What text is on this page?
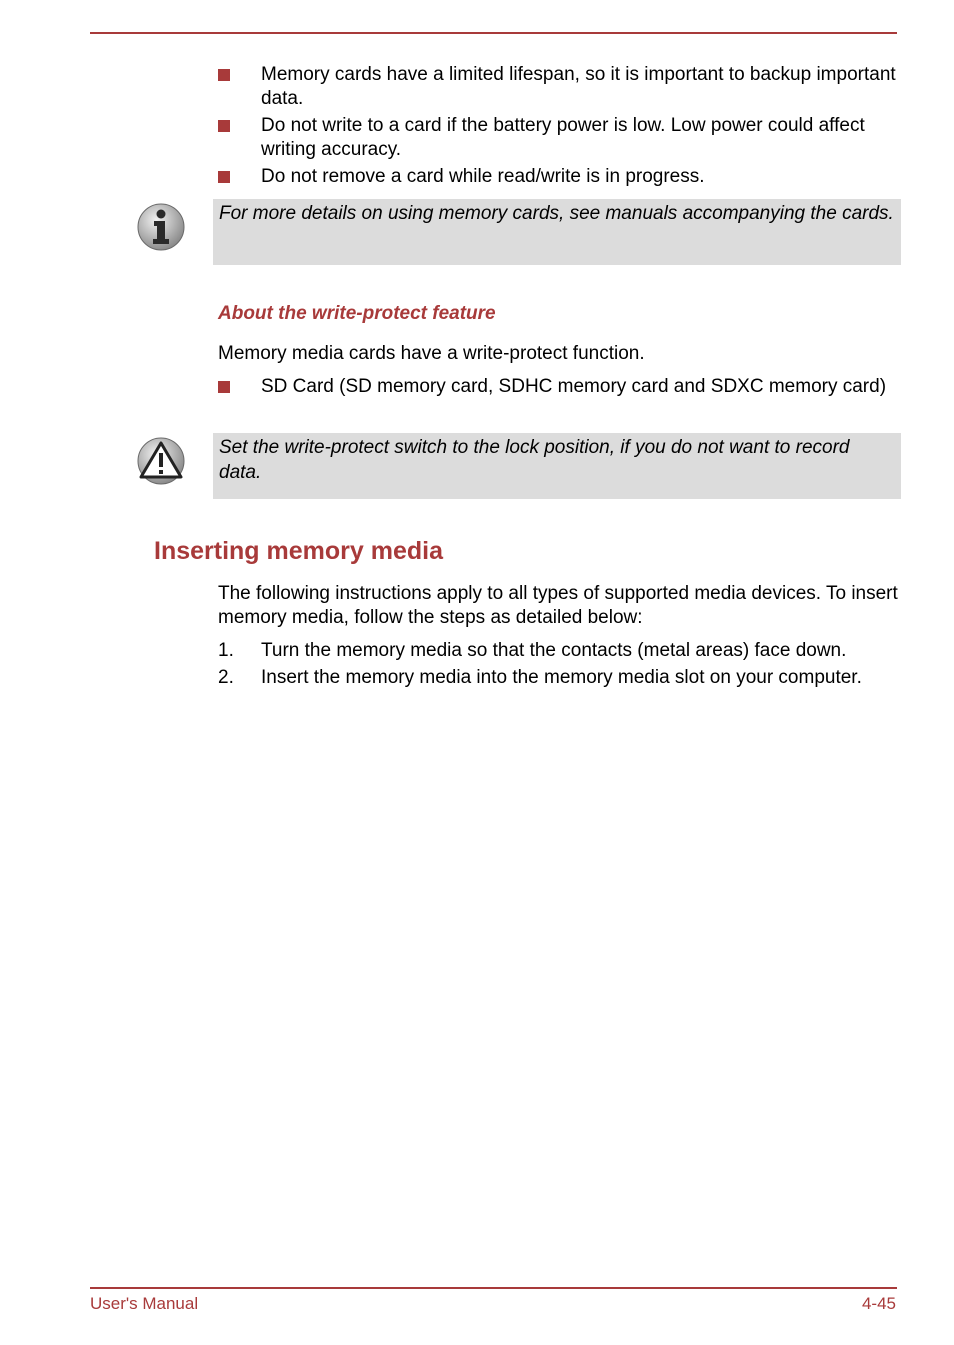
Memory cards have a limited lifespan, so it is important to backup important data.
Do not write to a card if the battery power is low. Low power could affect writing accuracy.
Do not remove a card while read/write is in progress.
For more details on using memory cards, see manuals accompanying the cards.
About the write-protect feature
Memory media cards have a write-protect function.
SD Card (SD memory card, SDHC memory card and SDXC memory card)
Set the write-protect switch to the lock position, if you do not want to record data.
Inserting memory media
The following instructions apply to all types of supported media devices. To insert memory media, follow the steps as detailed below:
1. Turn the memory media so that the contacts (metal areas) face down.
2. Insert the memory media into the memory media slot on your computer.
User's Manual	4-45
